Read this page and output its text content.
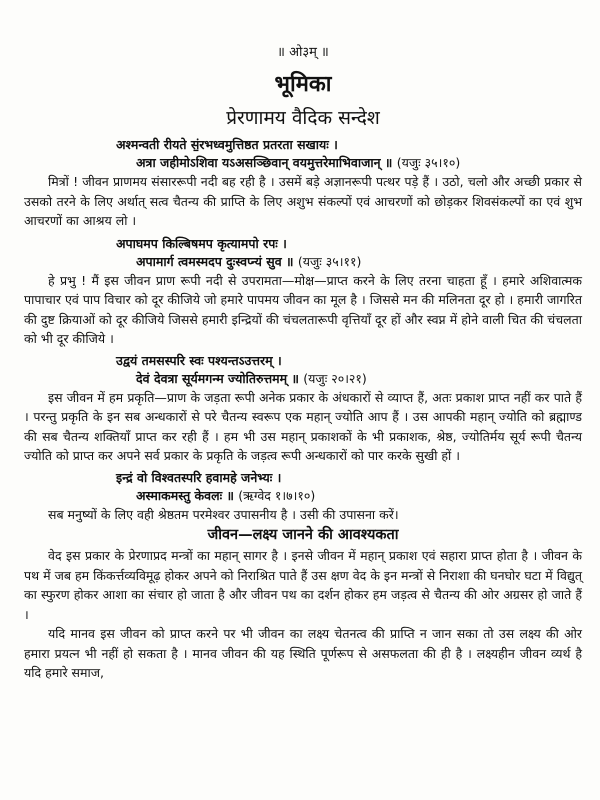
॥ ओ३म् ॥
भूमिका
प्रेरणामय वैदिक सन्देश
अश्मन्वती रीयते सं॒रभध्वमुत्तिष्ठत प्रतरता सखायः ।
अत्रा जहीमोऽशिवा यऽअसञ्छिवान् वयमुत्तरेमाभिवाजान् ॥ (यजुः ३५।१०)

मित्रों ! जीवन प्राणमय संसाररूपी नदी बह रही है । उसमें बड़े अज्ञानरूपी पत्थर पड़े हैं । उठो, चलो और अच्छी प्रकार से उसको तरने के लिए अर्थात् सत्व चैतन्य की प्राप्ति के लिए अशुभ संकल्पों एवं आचरणों को छोड़कर शिवसंकल्पों का एवं शुभ आचरणों का आश्रय लो ।

अपाघमप किल्बिषमप कृत्यामपो रपः ।
अपामार्ग त्वमस्मदप दुःस्वप्न्यं सुव ॥ (यजुः ३५।११)

हे प्रभु ! मैं इस जीवन प्राण रूपी नदी से उपरामता—मोक्ष—प्राप्त करने के लिए तरना चाहता हूँ । हमारे अशिवात्मक पापाचार एवं पाप विचार को दूर कीजिये जो हमारे पापमय जीवन का मूल है । जिससे मन की मलिनता दूर हो । हमारी जागरित की दुष्ट क्रियाओं को दूर कीजिये जिससे हमारी इन्द्रियों की चंचलतारूपी वृत्तियाँ दूर हों और स्वप्न में होने वाली चित की चंचलता को भी दूर कीजिये ।

उद्वयं तमसस्परि स्वः पश्यन्तऽउत्तरम् ।
देवं देवत्रा सूर्यमगन्म ज्योतिरुत्तमम् ॥ (यजुः २०।२१)

इस जीवन में हम प्रकृति—प्राण के जड़ता रूपी अनेक प्रकार के अंधकारों से व्याप्त हैं, अतः प्रकाश प्राप्त नहीं कर पाते हैं । परन्तु प्रकृति के इन सब अन्धकारों से परे चैतन्य स्वरूप एक महान् ज्योति आप हैं । उस आपकी महान् ज्योति को ब्रह्माण्ड की सब चैतन्य शक्तियाँ प्राप्त कर रही हैं । हम भी उस महान् प्रकाशकों के भी प्रकाशक, श्रेष्ठ, ज्योतिर्मय सूर्य रूपी चैतन्य ज्योति को प्राप्त कर अपने सर्व प्रकार के प्रकृति के जड़त्व रूपी अन्धकारों को पार करके सुखी हों ।

इन्द्रं वो विश्वतस्परि हवामहे जनेभ्यः ।
अस्माकमस्तु केवलः ॥ (ऋग्वेद १।७।१०)

सब मनुष्यों के लिए वही श्रेष्ठतम परमेश्वर उपासनीय है । उसी की उपासना करें।

जीवन—लक्ष्य जानने की आवश्यकता

वेद इस प्रकार के प्रेरणाप्रद मन्त्रों का महान् सागर है । इनसे जीवन में महान् प्रकाश एवं सहारा प्राप्त होता है । जीवन के पथ में जब हम किंकर्त्तव्यविमूढ़ होकर अपने को निराश्रित पाते हैं उस क्षण वेद के इन मन्त्रों से निराशा की घनघोर घटा में विद्युत् का स्फुरण होकर आशा का संचार हो जाता है और जीवन पथ का दर्शन होकर हम जड़त्व से चैतन्य की ओर अग्रसर हो जाते हैं ।

यदि मानव इस जीवन को प्राप्त करने पर भी जीवन का लक्ष्य चेतनत्व की प्राप्ति न जान सका तो उस लक्ष्य की ओर हमारा प्रयत्न भी नहीं हो सकता है । मानव जीवन की यह स्थिति पूर्णरूप से असफलता की ही है । लक्ष्यहीन जीवन व्यर्थ है यदि हमारे समाज,
